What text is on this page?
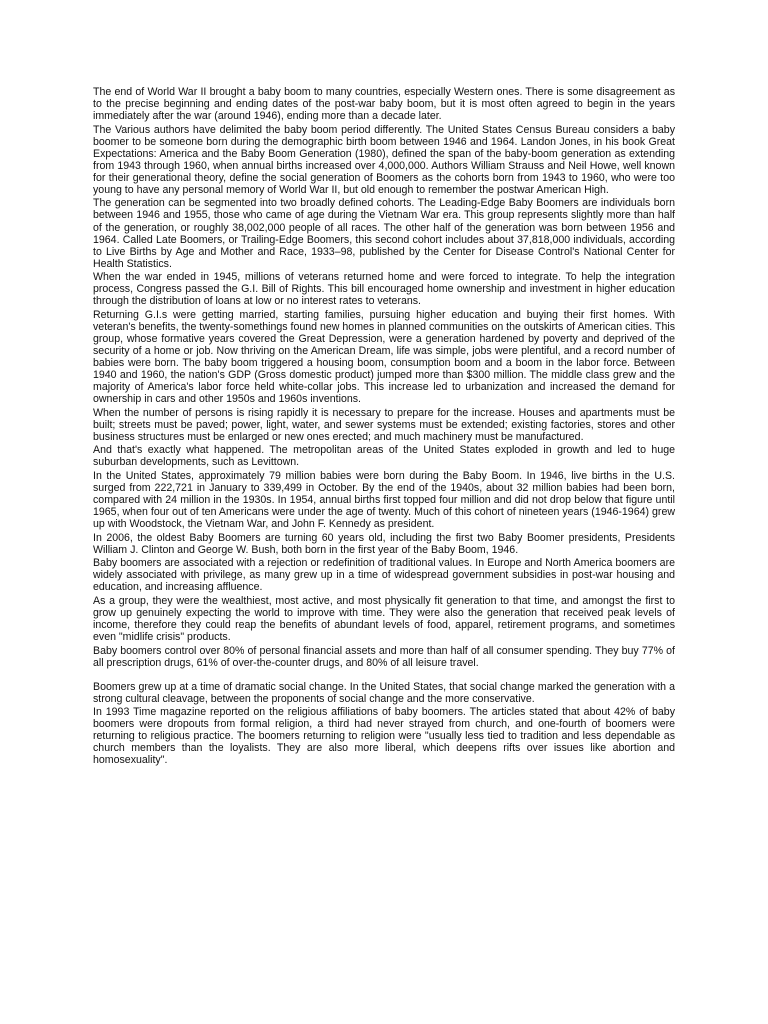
The end of World War II brought a baby boom to many countries, especially Western ones. There is some disagreement as to the precise beginning and ending dates of the post-war baby boom, but it is most often agreed to begin in the years immediately after the war (around 1946), ending more than a decade later.

The Various authors have delimited the baby boom period differently. The United States Census Bureau considers a baby boomer to be someone born during the demographic birth boom between 1946 and 1964. Landon Jones, in his book Great Expectations: America and the Baby Boom Generation (1980), defined the span of the baby-boom generation as extending from 1943 through 1960, when annual births increased over 4,000,000. Authors William Strauss and Neil Howe, well known for their generational theory, define the social generation of Boomers as the cohorts born from 1943 to 1960, who were too young to have any personal memory of World War II, but old enough to remember the postwar American High.

The generation can be segmented into two broadly defined cohorts. The Leading-Edge Baby Boomers are individuals born between 1946 and 1955, those who came of age during the Vietnam War era. This group represents slightly more than half of the generation, or roughly 38,002,000 people of all races. The other half of the generation was born between 1956 and 1964. Called Late Boomers, or Trailing-Edge Boomers, this second cohort includes about 37,818,000 individuals, according to Live Births by Age and Mother and Race, 1933–98, published by the Center for Disease Control's National Center for Health Statistics.

When the war ended in 1945, millions of veterans returned home and were forced to integrate. To help the integration process, Congress passed the G.I. Bill of Rights. This bill encouraged home ownership and investment in higher education through the distribution of loans at low or no interest rates to veterans.

Returning G.I.s were getting married, starting families, pursuing higher education and buying their first homes. With veteran's benefits, the twenty-somethings found new homes in planned communities on the outskirts of American cities. This group, whose formative years covered the Great Depression, were a generation hardened by poverty and deprived of the security of a home or job. Now thriving on the American Dream, life was simple, jobs were plentiful, and a record number of babies were born. The baby boom triggered a housing boom, consumption boom and a boom in the labor force. Between 1940 and 1960, the nation's GDP (Gross domestic product) jumped more than $300 million. The middle class grew and the majority of America's labor force held white-collar jobs. This increase led to urbanization and increased the demand for ownership in cars and other 1950s and 1960s inventions.

When the number of persons is rising rapidly it is necessary to prepare for the increase. Houses and apartments must be built; streets must be paved; power, light, water, and sewer systems must be extended; existing factories, stores and other business structures must be enlarged or new ones erected; and much machinery must be manufactured.

And that's exactly what happened. The metropolitan areas of the United States exploded in growth and led to huge suburban developments, such as Levittown.

In the United States, approximately 79 million babies were born during the Baby Boom. In 1946, live births in the U.S. surged from 222,721 in January to 339,499 in October. By the end of the 1940s, about 32 million babies had been born, compared with 24 million in the 1930s. In 1954, annual births first topped four million and did not drop below that figure until 1965, when four out of ten Americans were under the age of twenty. Much of this cohort of nineteen years (1946-1964) grew up with Woodstock, the Vietnam War, and John F. Kennedy as president.

In 2006, the oldest Baby Boomers are turning 60 years old, including the first two Baby Boomer presidents, Presidents William J. Clinton and George W. Bush, both born in the first year of the Baby Boom, 1946.

Baby boomers are associated with a rejection or redefinition of traditional values. In Europe and North America boomers are widely associated with privilege, as many grew up in a time of widespread government subsidies in post-war housing and education, and increasing affluence.

As a group, they were the wealthiest, most active, and most physically fit generation to that time, and amongst the first to grow up genuinely expecting the world to improve with time. They were also the generation that received peak levels of income, therefore they could reap the benefits of abundant levels of food, apparel, retirement programs, and sometimes even "midlife crisis" products.

Baby boomers control over 80% of personal financial assets and more than half of all consumer spending. They buy 77% of all prescription drugs, 61% of over-the-counter drugs, and 80% of all leisure travel.

Boomers grew up at a time of dramatic social change. In the United States, that social change marked the generation with a strong cultural cleavage, between the proponents of social change and the more conservative.

In 1993 Time magazine reported on the religious affiliations of baby boomers. The articles stated that about 42% of baby boomers were dropouts from formal religion, a third had never strayed from church, and one-fourth of boomers were returning to religious practice. The boomers returning to religion were "usually less tied to tradition and less dependable as church members than the loyalists. They are also more liberal, which deepens rifts over issues like abortion and homosexuality".
